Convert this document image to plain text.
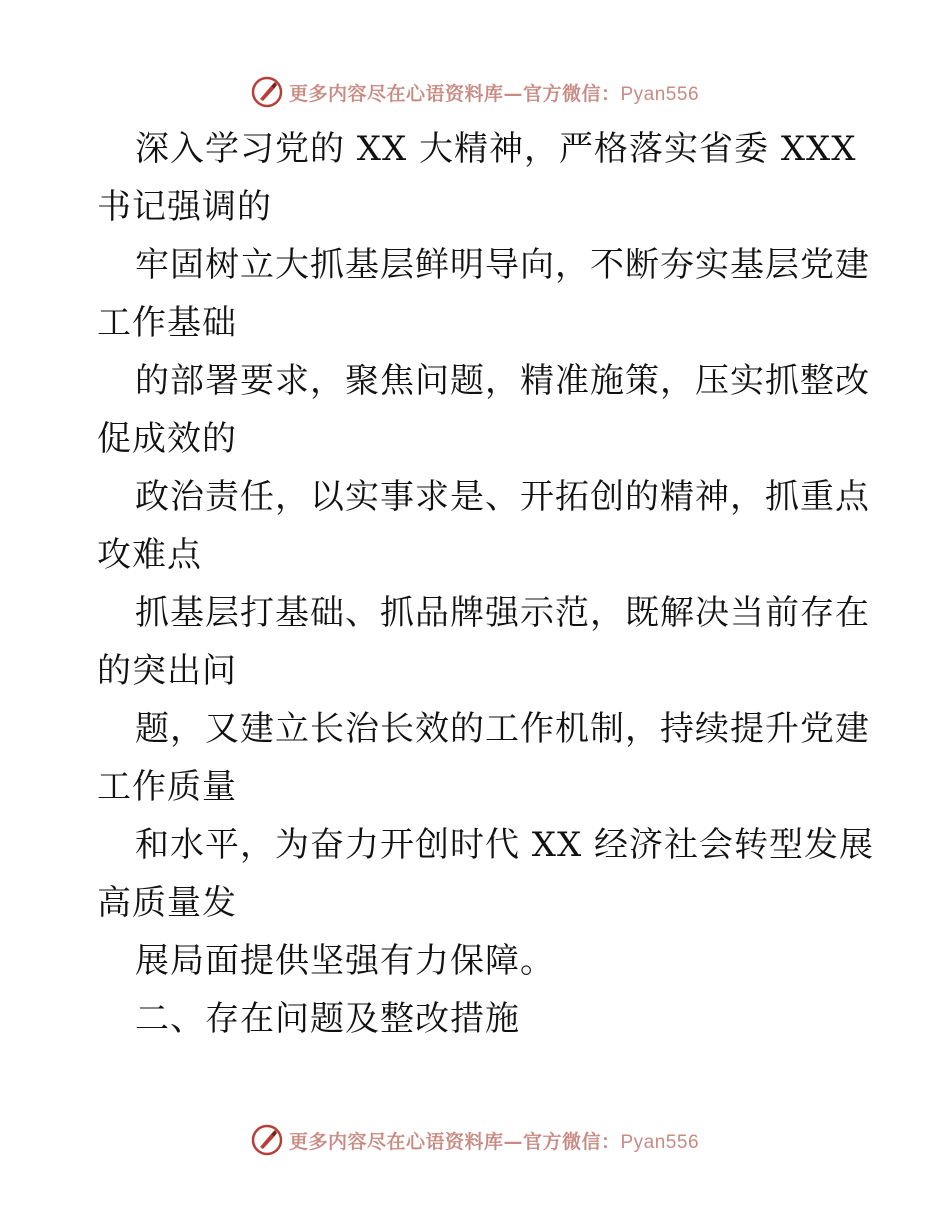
更多内容尽在心语资料库—官方微信：Pyan556
深入学习党的 XX 大精神，严格落实省委 XXX
书记强调的
牢固树立大抓基层鲜明导向，不断夯实基层党建
工作基础
的部署要求，聚焦问题，精准施策，压实抓整改
促成效的
政治责任，以实事求是、开拓创的精神，抓重点
攻难点
抓基层打基础、抓品牌强示范，既解决当前存在
的突出问
题，又建立长治长效的工作机制，持续提升党建
工作质量
和水平，为奋力开创时代 XX 经济社会转型发展
高质量发
展局面提供坚强有力保障。
二、存在问题及整改措施
更多内容尽在心语资料库—官方微信：Pyan556
